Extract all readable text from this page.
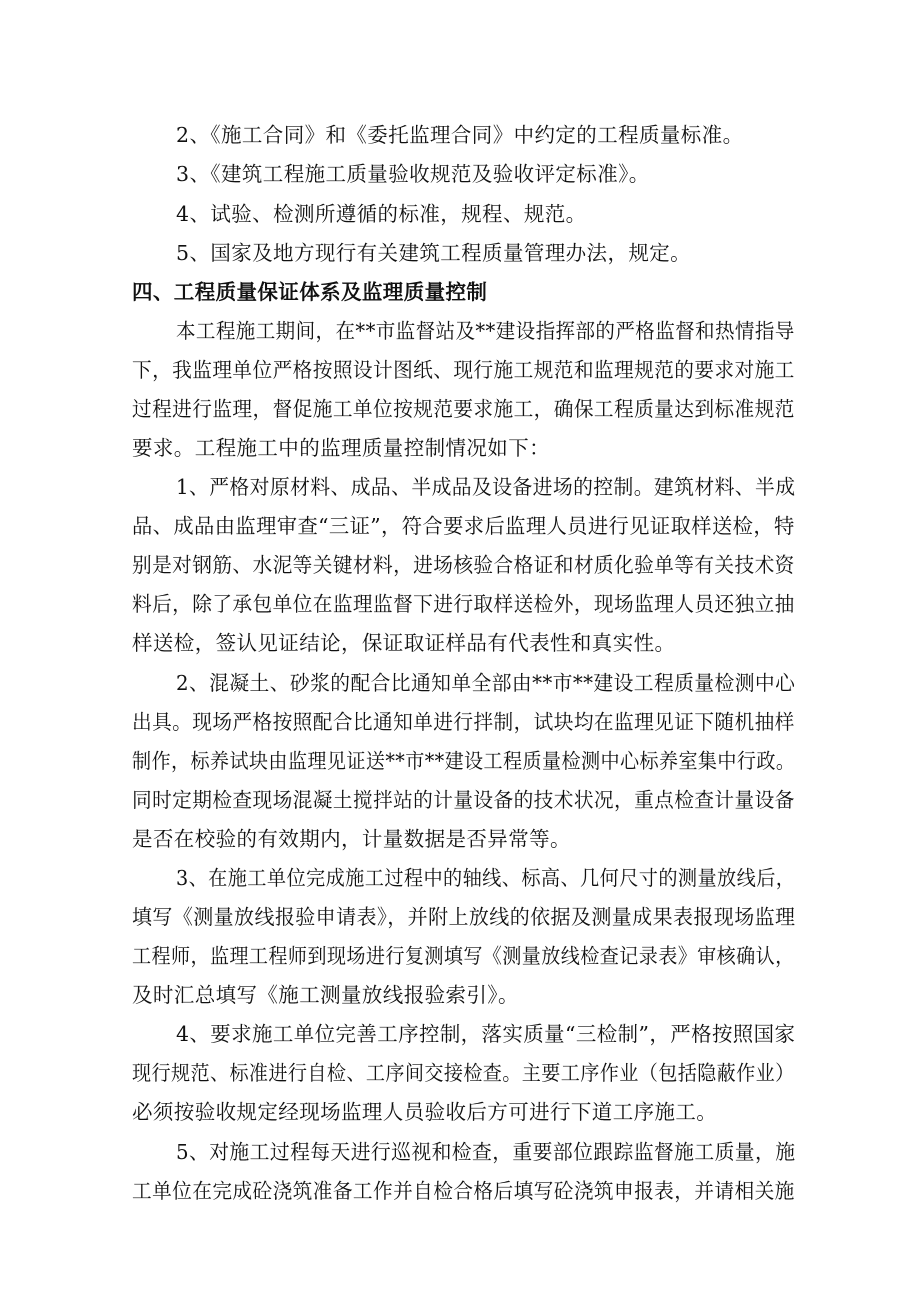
2、《施工合同》和《委托监理合同》中约定的工程质量标准。
3、《建筑工程施工质量验收规范及验收评定标准》。
4、试验、检测所遵循的标准，规程、规范。
5、国家及地方现行有关建筑工程质量管理办法，规定。
四、工程质量保证体系及监理质量控制
本工程施工期间，在**市监督站及**建设指挥部的严格监督和热情指导
下，我监理单位严格按照设计图纸、现行施工规范和监理规范的要求对施工
过程进行监理，督促施工单位按规范要求施工，确保工程质量达到标准规范
要求。工程施工中的监理质量控制情况如下：
1、严格对原材料、成品、半成品及设备进场的控制。建筑材料、半成
品、成品由监理审查“三证”，符合要求后监理人员进行见证取样送检，特
别是对钢筋、水泥等关键材料，进场核验合格证和材质化验单等有关技术资
料后，除了承包单位在监理监督下进行取样送检外，现场监理人员还独立抽
样送检，签认见证结论，保证取证样品有代表性和真实性。
2、混凝土、砂浆的配合比通知单全部由**市**建设工程质量检测中心
出具。现场严格按照配合比通知单进行拌制，试块均在监理见证下随机抽样
制作，标养试块由监理见证送**市**建设工程质量检测中心标养室集中行政。
同时定期检查现场混凝土搅拌站的计量设备的技术状况，重点检查计量设备
是否在校验的有效期内，计量数据是否异常等。
3、在施工单位完成施工过程中的轴线、标高、几何尺寸的测量放线后，
填写《测量放线报验申请表》，并附上放线的依据及测量成果表报现场监理
工程师，监理工程师到现场进行复测填写《测量放线检查记录表》审核确认，
及时汇总填写《施工测量放线报验索引》。
4、要求施工单位完善工序控制，落实质量“三检制”，严格按照国家
现行规范、标准进行自检、工序间交接检查。主要工序作业（包括隐蔽作业）
必须按验收规定经现场监理人员验收后方可进行下道工序施工。
5、对施工过程每天进行巡视和检查，重要部位跟踪监督施工质量，施
工单位在完成砼浇筑准备工作并自检合格后填写砼浇筑申报表，并请相关施
